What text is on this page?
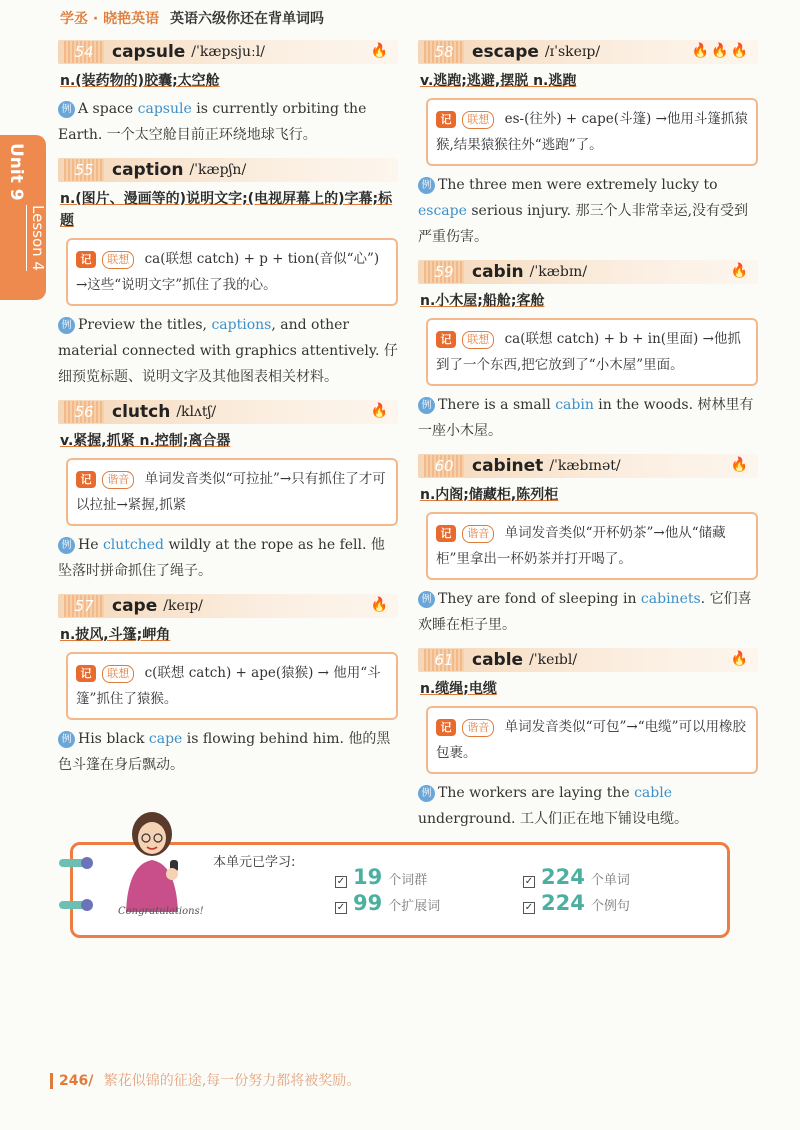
学丞 · 晓艳英语 英语六级你还在背单词吗
Unit 9
Lesson 4
54	capsule /ˈkæpsjuːl/	🔥
n.(装药物的)胶囊;太空舱
例 A space capsule is currently orbiting the Earth. 一个太空舱目前正环绕地球飞行。
55	caption /ˈkæpʃn/
n.(图片、漫画等的)说明文字;(电视屏幕上的)字幕;标题
记 联想 ca(联想 catch) + p + tion(音似“心”) →这些“说明文字”抓住了我的心。
例 Preview the titles, captions, and other material connected with graphics attentively. 仔细预览标题、说明文字及其他图表相关材料。
56	clutch /klʌtʃ/	🔥
v.紧握,抓紧 n.控制;离合器
记 谐音 单词发音类似“可拉扯”→只有抓住了才可以拉扯→紧握,抓紧
例 He clutched wildly at the rope as he fell. 他坠落时拼命抓住了绳子。
57	cape /keɪp/	🔥
n.披风,斗篷;岬角
记 联想 c(联想 catch) + ape(猿猴) → 他用“斗篷”抓住了猿猴。
例 His black cape is flowing behind him. 他的黑色斗篷在身后飘动。
58	escape /ɪˈskeɪp/	🔥🔥🔥
v.逃跑;逃避,摆脱 n.逃跑
记 联想 es-(往外) + cape(斗篷) →他用斗篷抓猿猴,结果猿猴往外“逃跑”了。
例 The three men were extremely lucky to escape serious injury. 那三个人非常幸运,没有受到严重伤害。
59	cabin /ˈkæbɪn/	🔥
n.小木屋;船舱;客舱
记 联想 ca(联想 catch) + b + in(里面) →他抓到了一个东西,把它放到了“小木屋”里面。
例 There is a small cabin in the woods. 树林里有一座小木屋。
60	cabinet /ˈkæbɪnət/	🔥
n.内阁;储藏柜,陈列柜
记 谐音 单词发音类似“开杯奶茶”→他从“储藏柜”里拿出一杯奶茶并打开喝了。
例 They are fond of sleeping in cabinets. 它们喜欢睡在柜子里。
61	cable /ˈkeɪbl/	🔥
n.缆绳;电缆
记 谐音 单词发音类似“可包”→“电缆”可以用橡胶包裹。
例 The workers are laying the cable underground. 工人们正在地下铺设电缆。
本单元已学习:
✓ 19 个词群	✓ 224 个单词
✓ 99 个扩展词	✓ 224 个例句
Congratulations!
246/ 繁花似锦的征途,每一份努力都将被奖励。
